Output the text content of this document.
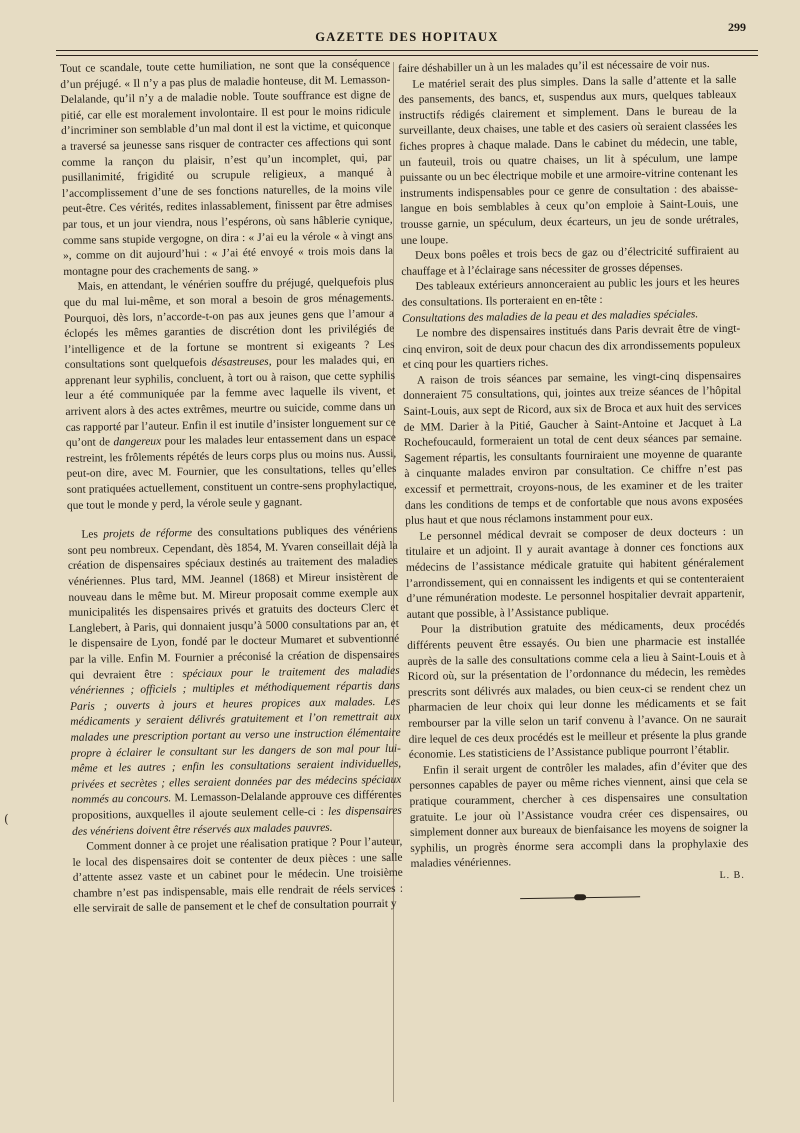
GAZETTE DES HOPITAUX
299
(

Tout ce scandale, toute cette humiliation, ne sont que la conséquence d’un préjugé. « Il n’y a pas plus de maladie honteuse, dit M. Lemasson-Delalande, qu’il n’y a de maladie noble. Toute souffrance est digne de pitié, car elle est moralement involontaire. Il est pour le moins ridicule d’incriminer son semblable d’un mal dont il est la victime, et quiconque a traversé sa jeunesse sans risquer de contracter ces affections qui sont comme la rançon du plaisir, n’est qu’un incomplet, qui, par pusillanimité, frigidité ou scrupule religieux, a manqué à l’accomplissement d’une de ses fonctions naturelles, de la moins vile peut-être. Ces vérités, redites inlassablement, finissent par être admises par tous, et un jour viendra, nous l’espérons, où sans hâblerie cynique, comme sans stupide vergogne, on dira : « J’ai eu la vérole « à vingt ans », comme on dit aujourd’hui : « J’ai été envoyé « trois mois dans la montagne pour des crachements de sang. »

Mais, en attendant, le vénérien souffre du préjugé, quelquefois plus que du mal lui-même, et son moral a besoin de gros ménagements. Pourquoi, dès lors, n’accorde-t-on pas aux jeunes gens que l’amour a éclopés les mêmes garanties de discrétion dont les privilégiés de l’intelligence et de la fortune se montrent si exigeants ? Les consultations sont quelquefois désastreuses, pour les malades qui, en apprenant leur syphilis, concluent, à tort ou à raison, que cette syphilis leur a été communiquée par la femme avec laquelle ils vivent, et arrivent alors à des actes extrêmes, meurtre ou suicide, comme dans un cas rapporté par l’auteur. Enfin il est inutile d’insister longuement sur ce qu’ont de dangereux pour les malades leur entassement dans un espace restreint, les frôlements répétés de leurs corps plus ou moins nus. Aussi, peut-on dire, avec M. Fournier, que les consultations, telles qu’elles sont pratiquées actuellement, constituent un contre-sens prophylactique, que tout le monde y perd, la vérole seule y gagnant.

Les projets de réforme des consultations publiques des vénériens sont peu nombreux. Cependant, dès 1854, M. Yvaren conseillait déjà la création de dispensaires spéciaux destinés au traitement des maladies vénériennes. Plus tard, MM. Jeannel (1868) et Mireur insistèrent de nouveau dans le même but. M. Mireur proposait comme exemple aux municipalités les dispensaires privés et gratuits des docteurs Clerc et Langlebert, à Paris, qui donnaient jusqu’à 5000 consultations par an, et le dispensaire de Lyon, fondé par le docteur Mumaret et subventionné par la ville. Enfin M. Fournier a préconisé la création de dispensaires qui devraient être : spéciaux pour le traitement des maladies vénériennes ; officiels ; multiples et méthodiquement répartis dans Paris ; ouverts à jours et heures propices aux malades. Les médicaments y seraient délivrés gratuitement et l’on remettrait aux malades une prescription portant au verso une instruction élémentaire propre à éclairer le consultant sur les dangers de son mal pour lui-même et les autres ; enfin les consultations seraient individuelles, privées et secrètes ; elles seraient données par des médecins spéciaux nommés au concours. M. Lemasson-Delalande approuve ces différentes propositions, auxquelles il ajoute seulement celle-ci : les dispensaires des vénériens doivent être réservés aux malades pauvres.

Comment donner à ce projet une réalisation pratique ? Pour l’auteur, le local des dispensaires doit se contenter de deux pièces : une salle d’attente assez vaste et un cabinet pour le médecin. Une troisième chambre n’est pas indispensable, mais elle rendrait de réels services : elle servirait de salle de pansement et le chef de consultation pourrait y

faire déshabiller un à un les malades qu’il est nécessaire de voir nus.

Le matériel serait des plus simples. Dans la salle d’attente et la salle des pansements, des bancs, et, suspendus aux murs, quelques tableaux instructifs rédigés clairement et simplement. Dans le bureau de la surveillante, deux chaises, une table et des casiers où seraient classées les fiches propres à chaque malade. Dans le cabinet du médecin, une table, un fauteuil, trois ou quatre chaises, un lit à spéculum, une lampe puissante ou un bec électrique mobile et une armoire-vitrine contenant les instruments indispensables pour ce genre de consultation : des abaisse-langue en bois semblables à ceux qu’on emploie à Saint-Louis, une trousse garnie, un spéculum, deux écarteurs, un jeu de sonde urétrales, une loupe.

Deux bons poêles et trois becs de gaz ou d’électricité suffiraient au chauffage et à l’éclairage sans nécessiter de grosses dépenses.

Des tableaux extérieurs annonceraient au public les jours et les heures des consultations. Ils porteraient en en-tête :

Consultations des maladies de la peau et des maladies spéciales.

Le nombre des dispensaires institués dans Paris devrait être de vingt-cinq environ, soit de deux pour chacun des dix arrondissements populeux et cinq pour les quartiers riches.

A raison de trois séances par semaine, les vingt-cinq dispensaires donneraient 75 consultations, qui, jointes aux treize séances de l’hôpital Saint-Louis, aux sept de Ricord, aux six de Broca et aux huit des services de MM. Darier à la Pitié, Gaucher à Saint-Antoine et Jacquet à La Rochefoucauld, formeraient un total de cent deux séances par semaine. Sagement répartis, les consultants fourniraient une moyenne de quarante à cinquante malades environ par consultation. Ce chiffre n’est pas excessif et permettrait, croyons-nous, de les examiner et de les traiter dans les conditions de temps et de confortable que nous avons exposées plus haut et que nous réclamons instamment pour eux.

Le personnel médical devrait se composer de deux docteurs : un titulaire et un adjoint. Il y aurait avantage à donner ces fonctions aux médecins de l’assistance médicale gratuite qui habitent généralement l’arrondissement, qui en connaissent les indigents et qui se contenteraient d’une rémunération modeste. Le personnel hospitalier devrait appartenir, autant que possible, à l’Assistance publique.

Pour la distribution gratuite des médicaments, deux procédés différents peuvent être essayés. Ou bien une pharmacie est installée auprès de la salle des consultations comme cela a lieu à Saint-Louis et à Ricord où, sur la présentation de l’ordonnance du médecin, les remèdes prescrits sont délivrés aux malades, ou bien ceux-ci se rendent chez un pharmacien de leur choix qui leur donne les médicaments et se fait rembourser par la ville selon un tarif convenu à l’avance. On ne saurait dire lequel de ces deux procédés est le meilleur et présente la plus grande économie. Les statisticiens de l’Assistance publique pourront l’établir.

Enfin il serait urgent de contrôler les malades, afin d’éviter que des personnes capables de payer ou même riches viennent, ainsi que cela se pratique couramment, chercher à ces dispensaires une consultation gratuite. Le jour où l’Assistance voudra créer ces dispensaires, ou simplement donner aux bureaux de bienfaisance les moyens de soigner la syphilis, un progrès énorme sera accompli dans la prophylaxie des maladies vénériennes.

L. B.
